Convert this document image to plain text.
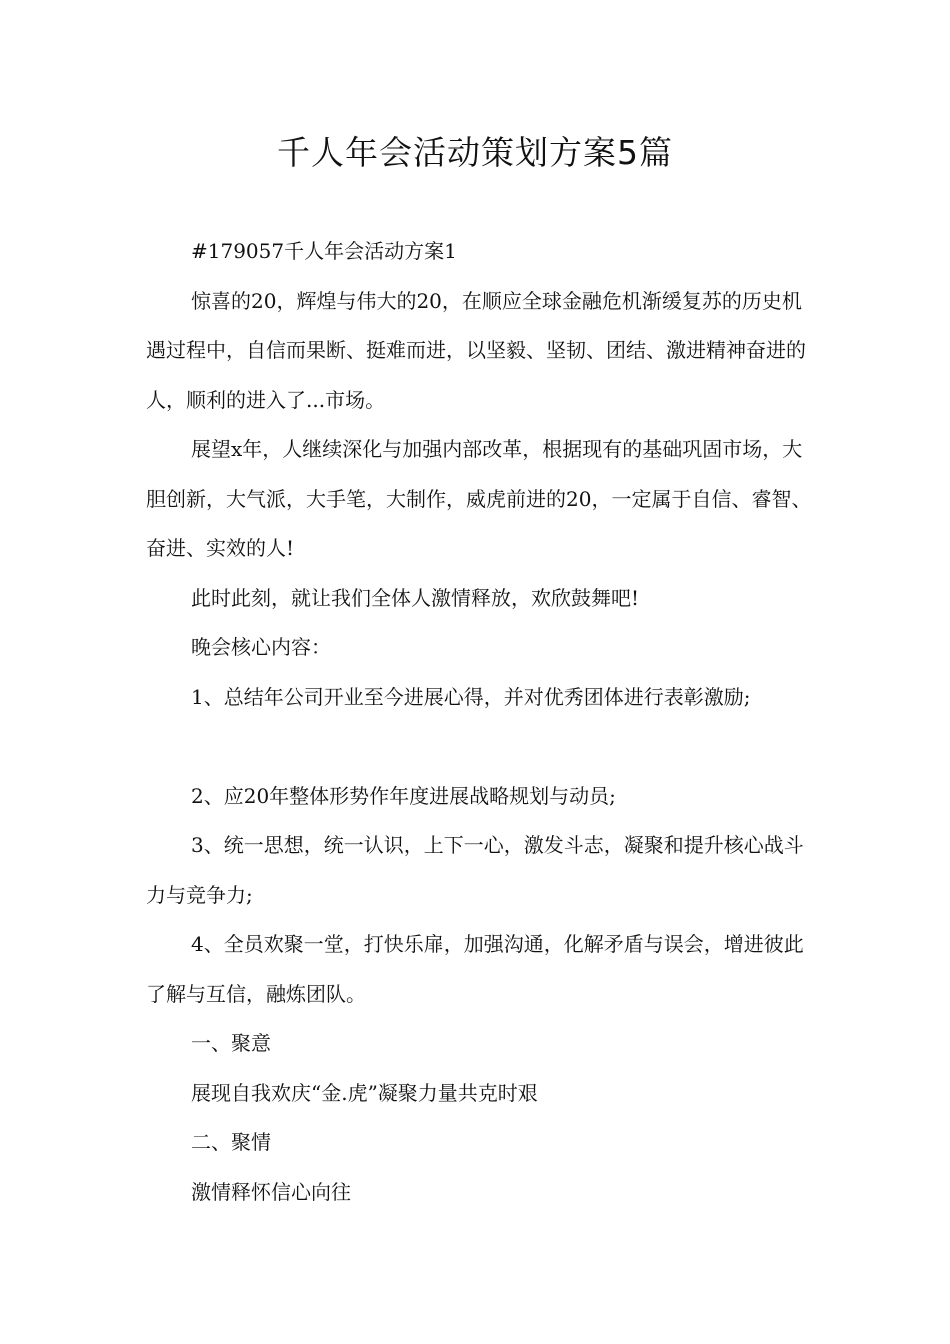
千人年会活动策划方案5篇

#179057千人年会活动方案1

惊喜的20，辉煌与伟大的20，在顺应全球金融危机渐缓复苏的历史机遇过程中，自信而果断、挺难而进，以坚毅、坚韧、团结、激进精神奋进的人，顺利的进入了...市场。

展望x年，人继续深化与加强内部改革，根据现有的基础巩固市场，大胆创新，大气派，大手笔，大制作，威虎前进的20，一定属于自信、睿智、奋进、实效的人!

此时此刻，就让我们全体人激情释放，欢欣鼓舞吧!

晚会核心内容：

1、总结年公司开业至今进展心得，并对优秀团体进行表彰激励;

2、应20年整体形势作年度进展战略规划与动员;

3、统一思想，统一认识，上下一心，激发斗志，凝聚和提升核心战斗力与竞争力;

4、全员欢聚一堂，打快乐扉，加强沟通，化解矛盾与误会，增进彼此了解与互信，融炼团队。

一、聚意

展现自我欢庆“金.虎”凝聚力量共克时艰

二、聚情

激情释怀信心向往
